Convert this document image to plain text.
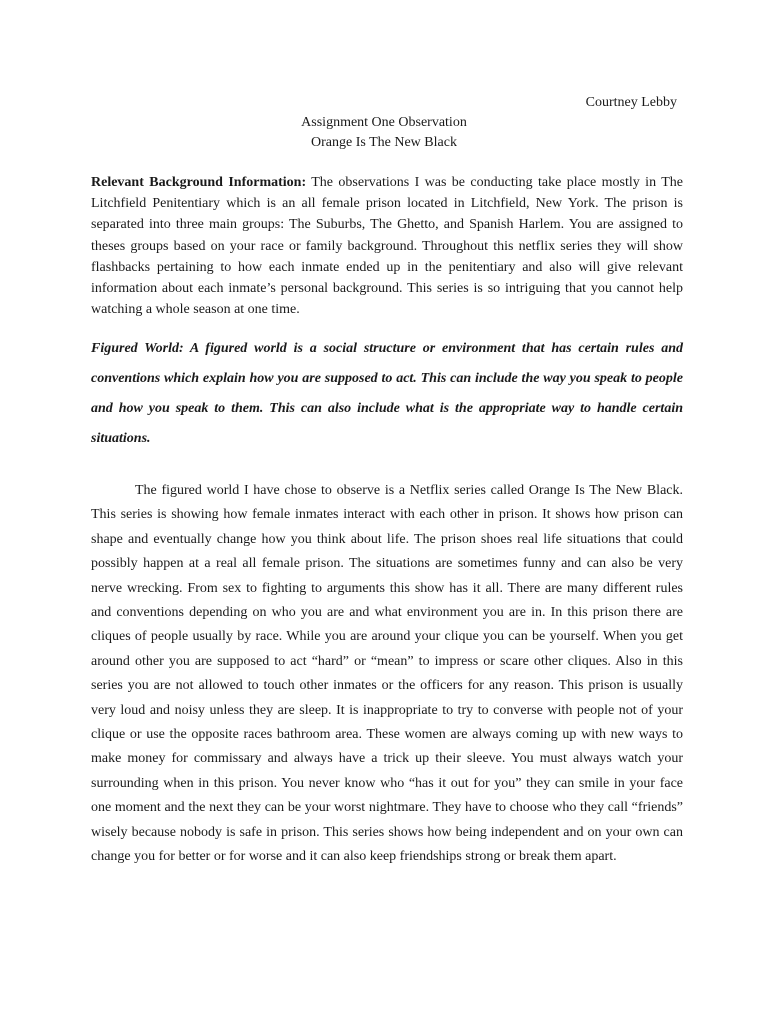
Courtney Lebby
Assignment One Observation
Orange Is The New Black
Relevant Background Information: The observations I was be conducting take place mostly in The Litchfield Penitentiary which is an all female prison located in Litchfield, New York. The prison is separated into three main groups: The Suburbs, The Ghetto, and Spanish Harlem. You are assigned to theses groups based on your race or family background. Throughout this netflix series they will show flashbacks pertaining to how each inmate ended up in the penitentiary and also will give relevant information about each inmate’s personal background. This series is so intriguing that you cannot help watching a whole season at one time.
Figured World: A figured world is a social structure or environment that has certain rules and conventions which explain how you are supposed to act. This can include the way you speak to people and how you speak to them. This can also include what is the appropriate way to handle certain situations.
The figured world I have chose to observe is a Netflix series called Orange Is The New Black. This series is showing how female inmates interact with each other in prison. It shows how prison can shape and eventually change how you think about life. The prison shoes real life situations that could possibly happen at a real all female prison. The situations are sometimes funny and can also be very nerve wrecking. From sex to fighting to arguments this show has it all. There are many different rules and conventions depending on who you are and what environment you are in. In this prison there are cliques of people usually by race. While you are around your clique you can be yourself. When you get around other you are supposed to act “hard” or “mean” to impress or scare other cliques. Also in this series you are not allowed to touch other inmates or the officers for any reason. This prison is usually very loud and noisy unless they are sleep. It is inappropriate to try to converse with people not of your clique or use the opposite races bathroom area. These women are always coming up with new ways to make money for commissary and always have a trick up their sleeve. You must always watch your surrounding when in this prison. You never know who “has it out for you” they can smile in your face one moment and the next they can be your worst nightmare. They have to choose who they call “friends” wisely because nobody is safe in prison. This series shows how being independent and on your own can change you for better or for worse and it can also keep friendships strong or break them apart.
